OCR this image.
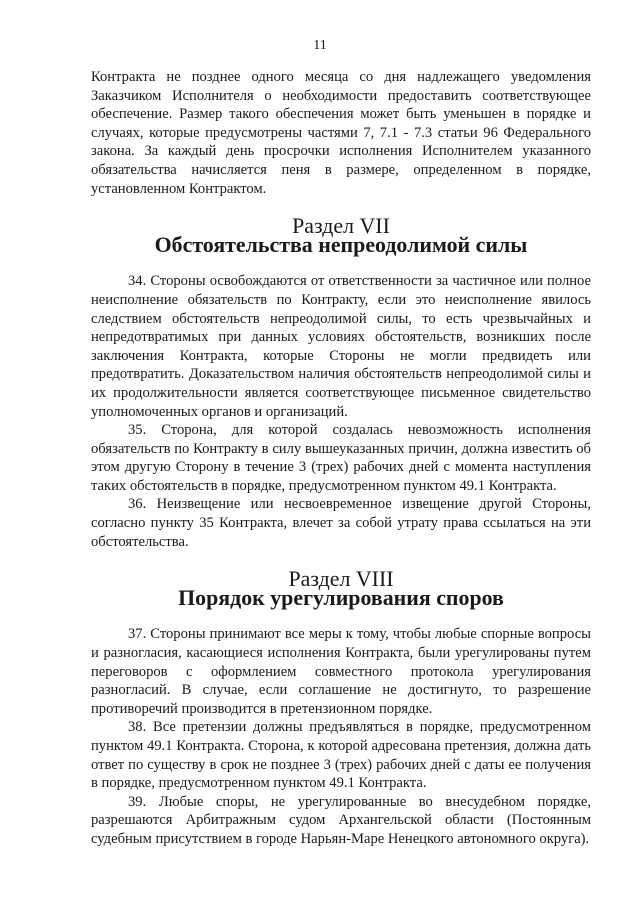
11

Контракта не позднее одного месяца со дня надлежащего уведомления Заказчиком Исполнителя о необходимости предоставить соответствующее обеспечение. Размер такого обеспечения может быть уменьшен в порядке и случаях, которые предусмотрены частями 7, 7.1 - 7.3 статьи 96 Федерального закона. За каждый день просрочки исполнения Исполнителем указанного обязательства начисляется пеня в размере, определенном в порядке, установленном Контрактом.

Раздел VII
Обстоятельства непреодолимой силы

34. Стороны освобождаются от ответственности за частичное или полное неисполнение обязательств по Контракту, если это неисполнение явилось следствием обстоятельств непреодолимой силы, то есть чрезвычайных и непредотвратимых при данных условиях обстоятельств, возникших после заключения Контракта, которые Стороны не могли предвидеть или предотвратить. Доказательством наличия обстоятельств непреодолимой силы и их продолжительности является соответствующее письменное свидетельство уполномоченных органов и организаций.

35. Сторона, для которой создалась невозможность исполнения обязательств по Контракту в силу вышеуказанных причин, должна известить об этом другую Сторону в течение 3 (трех) рабочих дней с момента наступления таких обстоятельств в порядке, предусмотренном пунктом 49.1 Контракта.

36. Неизвещение или несвоевременное извещение другой Стороны, согласно пункту 35 Контракта, влечет за собой утрату права ссылаться на эти обстоятельства.

Раздел VIII
Порядок урегулирования споров

37. Стороны принимают все меры к тому, чтобы любые спорные вопросы и разногласия, касающиеся исполнения Контракта, были урегулированы путем переговоров с оформлением совместного протокола урегулирования разногласий. В случае, если соглашение не достигнуто, то разрешение противоречий производится в претензионном порядке.

38. Все претензии должны предъявляться в порядке, предусмотренном пунктом 49.1 Контракта. Сторона, к которой адресована претензия, должна дать ответ по существу в срок не позднее 3 (трех) рабочих дней с даты ее получения в порядке, предусмотренном пунктом 49.1 Контракта.

39. Любые споры, не урегулированные во внесудебном порядке, разрешаются Арбитражным судом Архангельской области (Постоянным судебным присутствием в городе Нарьян-Маре Ненецкого автономного округа).
